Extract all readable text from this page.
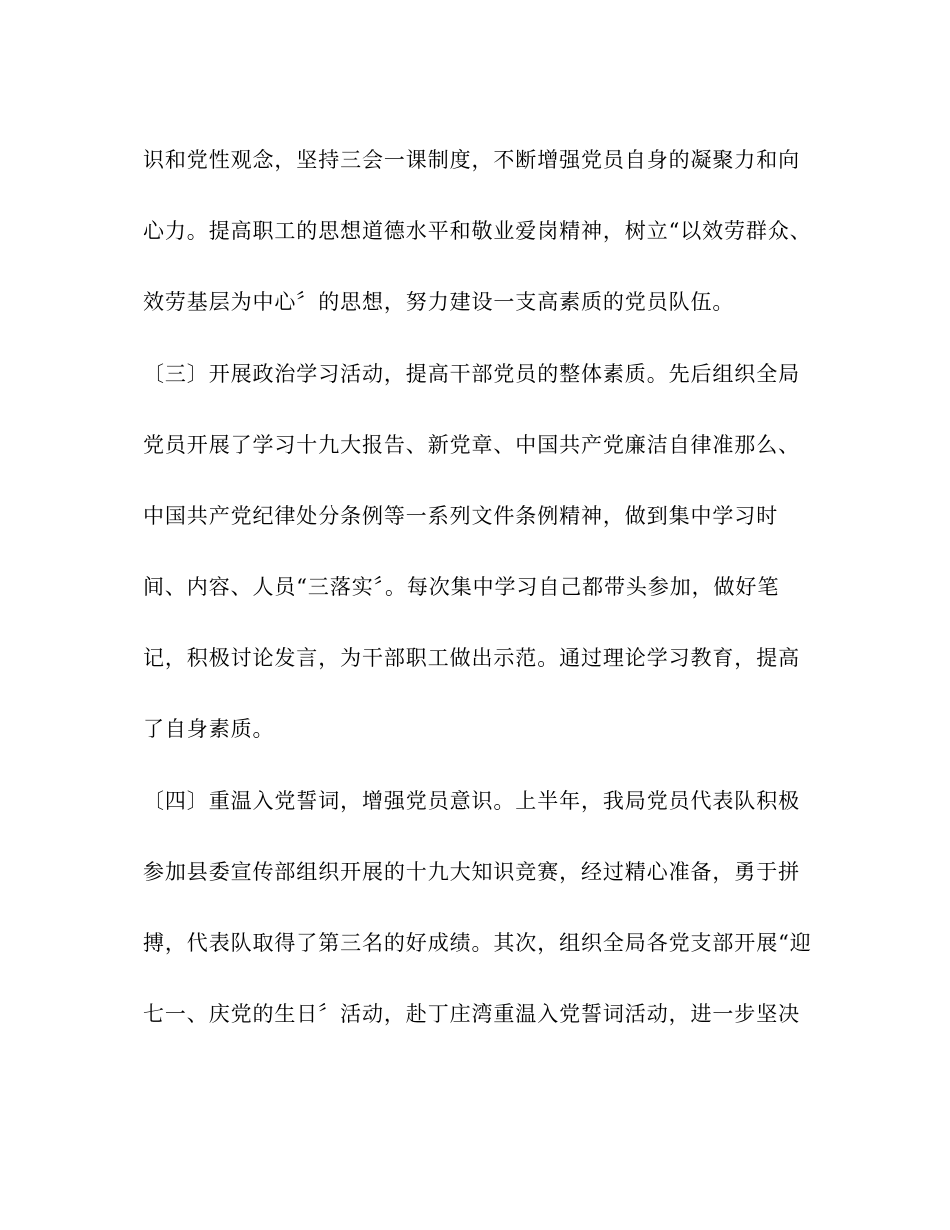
识和党性观念，坚持三会一课制度，不断增强党员自身的凝聚力和向

心力。提高职工的思想道德水平和敬业爱岗精神，树立“以效劳群众、

效劳基层为中心〞的思想，努力建设一支高素质的党员队伍。

〔三〕开展政治学习活动，提高干部党员的整体素质。先后组织全局

党员开展了学习十九大报告、新党章、中国共产党廉洁自律准那么、

中国共产党纪律处分条例等一系列文件条例精神，做到集中学习时

间、内容、人员“三落实〞。每次集中学习自己都带头参加，做好笔

记，积极讨论发言，为干部职工做出示范。通过理论学习教育，提高

了自身素质。

〔四〕重温入党誓词，增强党员意识。上半年，我局党员代表队积极

参加县委宣传部组织开展的十九大知识竞赛，经过精心准备，勇于拼

搏，代表队取得了第三名的好成绩。其次，组织全局各党支部开展“迎

七一、庆党的生日〞活动，赴丁庄湾重温入党誓词活动，进一步坚决
